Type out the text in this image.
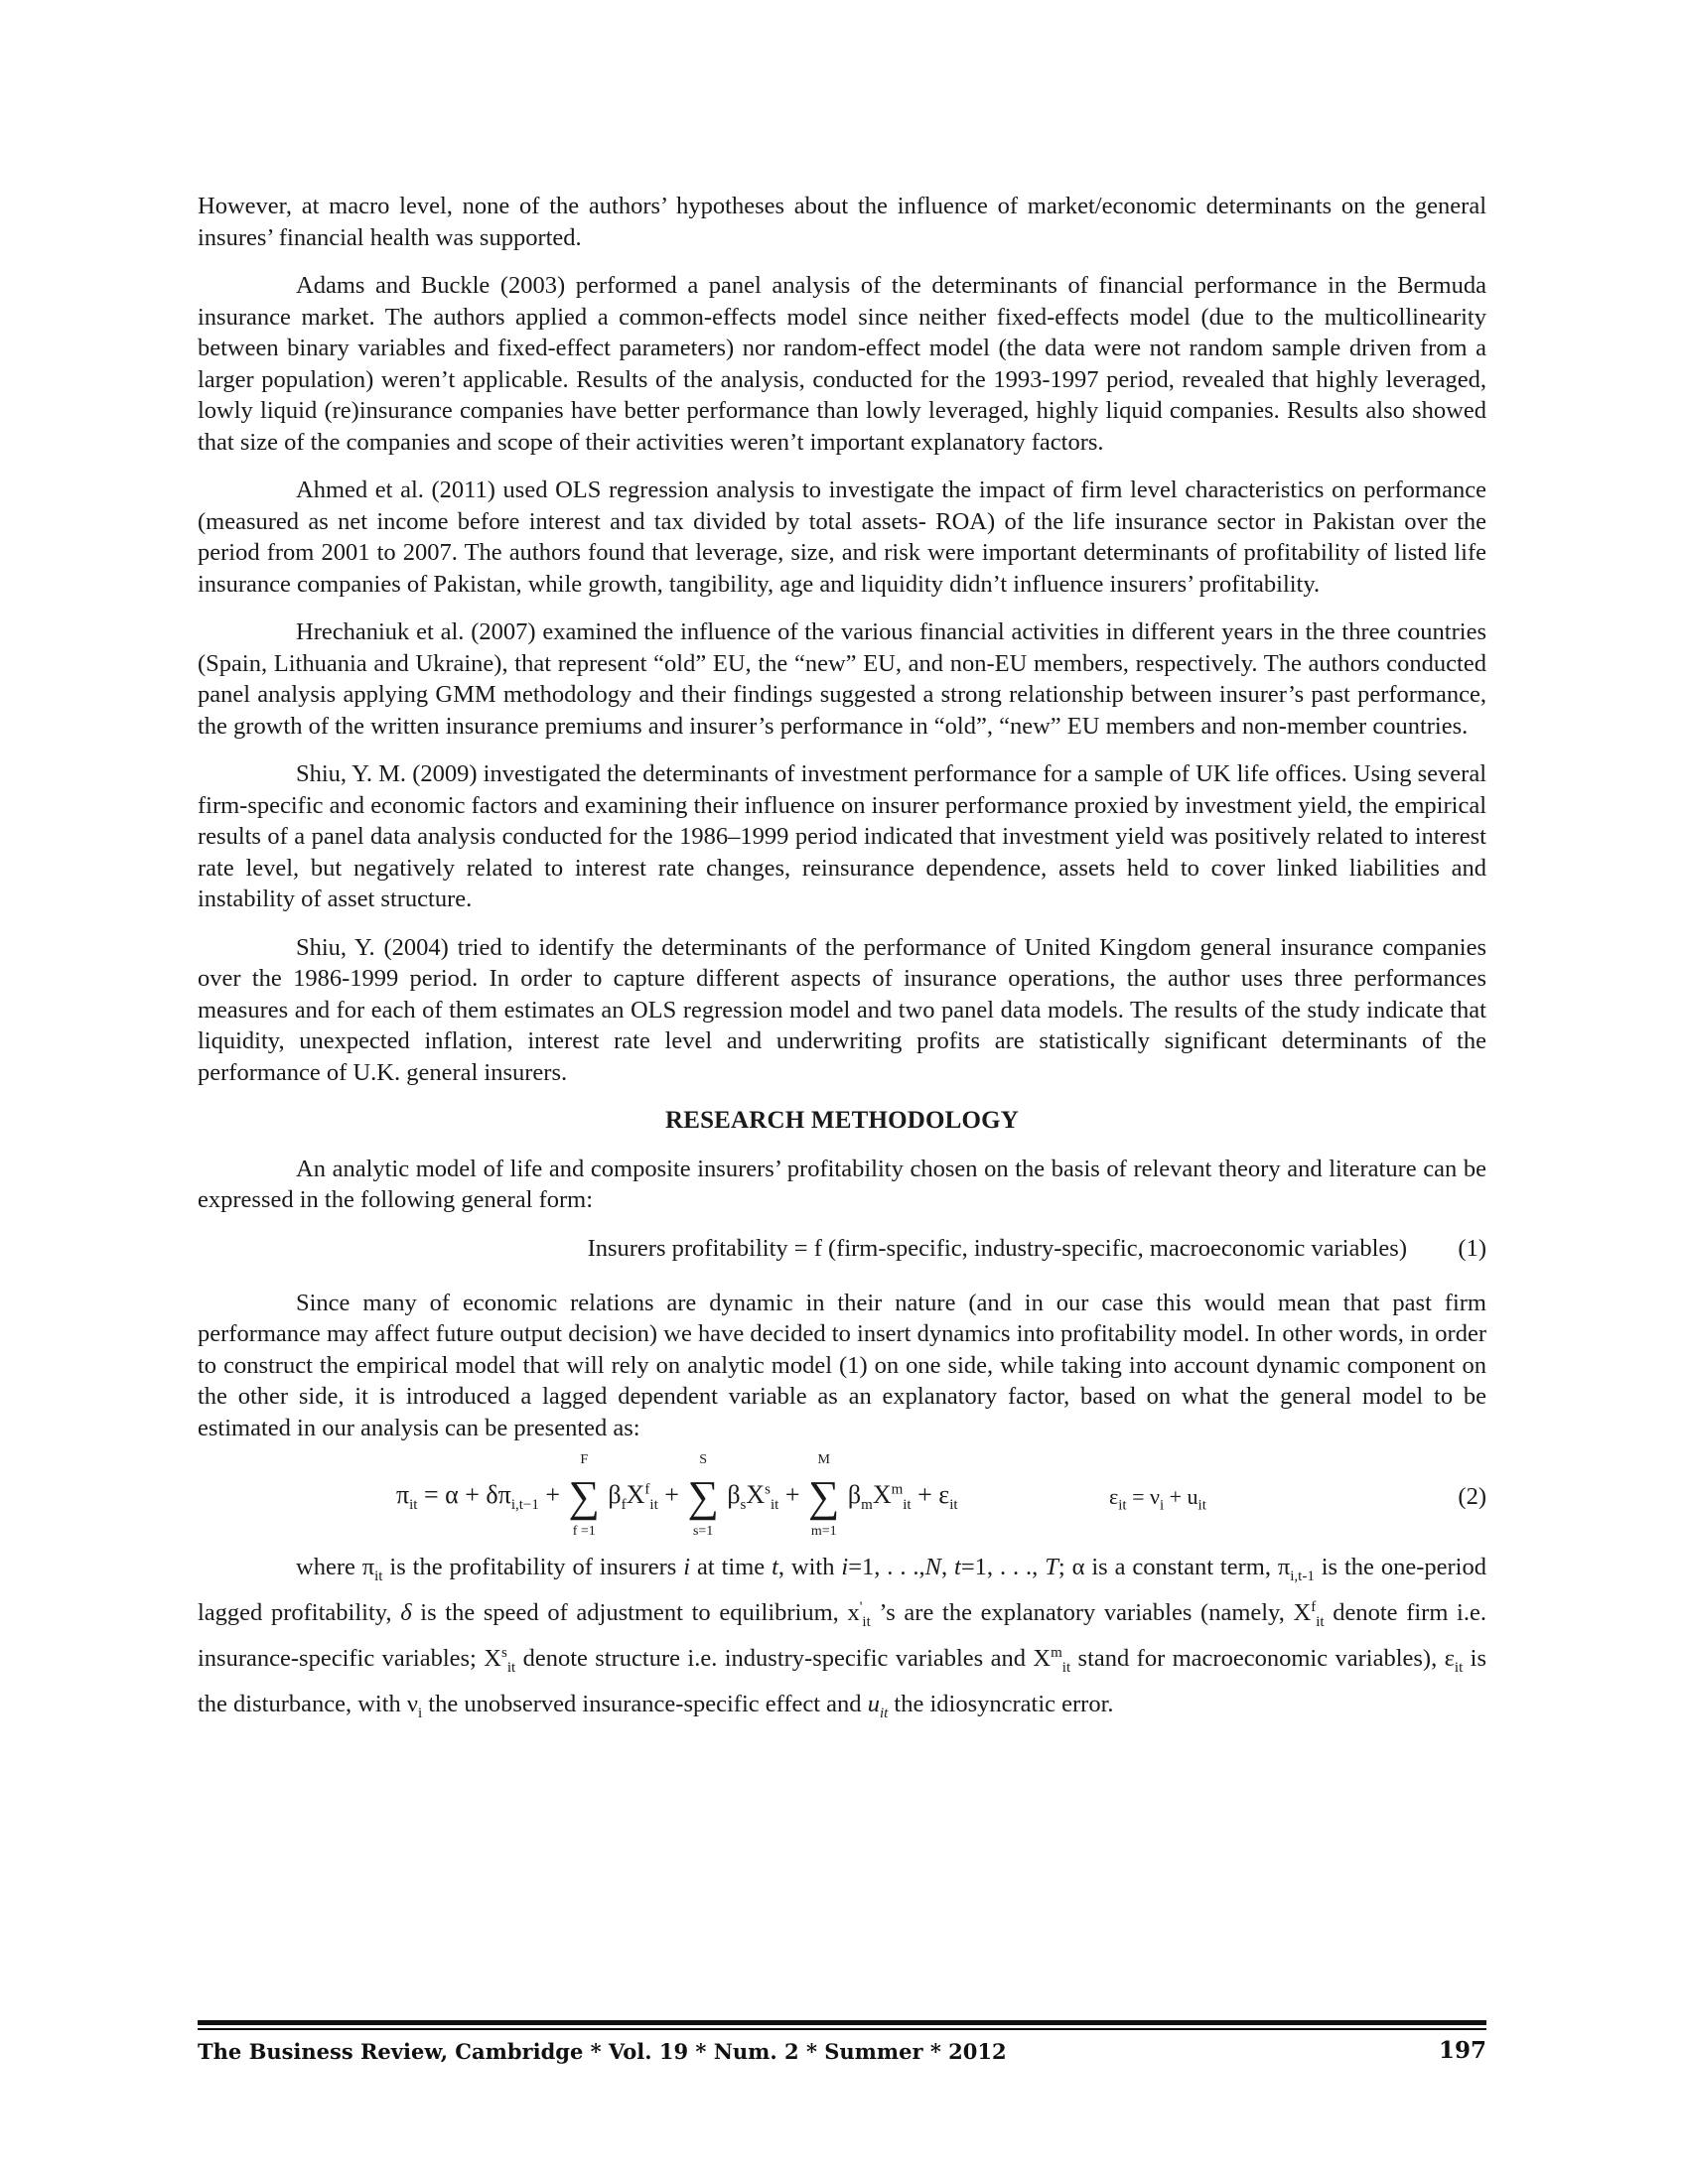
However, at macro level, none of the authors’ hypotheses about the influence of market/economic determinants on the general insures’ financial health was supported.

Adams and Buckle (2003) performed a panel analysis of the determinants of financial performance in the Bermuda insurance market. The authors applied a common-effects model since neither fixed-effects model (due to the multicollinearity between binary variables and fixed-effect parameters) nor random-effect model (the data were not random sample driven from a larger population) weren’t applicable. Results of the analysis, conducted for the 1993-1997 period, revealed that highly leveraged, lowly liquid (re)insurance companies have better performance than lowly leveraged, highly liquid companies. Results also showed that size of the companies and scope of their activities weren’t important explanatory factors.

Ahmed et al. (2011) used OLS regression analysis to investigate the impact of firm level characteristics on performance (measured as net income before interest and tax divided by total assets- ROA) of the life insurance sector in Pakistan over the period from 2001 to 2007. The authors found that leverage, size, and risk were important determinants of profitability of listed life insurance companies of Pakistan, while growth, tangibility, age and liquidity didn’t influence insurers’ profitability.

Hrechaniuk et al. (2007) examined the influence of the various financial activities in different years in the three countries (Spain, Lithuania and Ukraine), that represent “old” EU, the “new” EU, and non-EU members, respectively. The authors conducted panel analysis applying GMM methodology and their findings suggested a strong relationship between insurer’s past performance, the growth of the written insurance premiums and insurer’s performance in “old”, “new” EU members and non-member countries.

Shiu, Y. M. (2009) investigated the determinants of investment performance for a sample of UK life offices. Using several firm-specific and economic factors and examining their influence on insurer performance proxied by investment yield, the empirical results of a panel data analysis conducted for the 1986–1999 period indicated that investment yield was positively related to interest rate level, but negatively related to interest rate changes, reinsurance dependence, assets held to cover linked liabilities and instability of asset structure.

Shiu, Y. (2004) tried to identify the determinants of the performance of United Kingdom general insurance companies over the 1986-1999 period. In order to capture different aspects of insurance operations, the author uses three performances measures and for each of them estimates an OLS regression model and two panel data models. The results of the study indicate that liquidity, unexpected inflation, interest rate level and underwriting profits are statistically significant determinants of the performance of U.K. general insurers.

RESEARCH METHODOLOGY

An analytic model of life and composite insurers’ profitability chosen on the basis of relevant theory and literature can be expressed in the following general form:

Insurers profitability = f (firm-specific, industry-specific, macroeconomic variables) (1)

Since many of economic relations are dynamic in their nature (and in our case this would mean that past firm performance may affect future output decision) we have decided to insert dynamics into profitability model. In other words, in order to construct the empirical model that will rely on analytic model (1) on one side, while taking into account dynamic component on the other side, it is introduced a lagged dependent variable as an explanatory factor, based on what the general model to be estimated in our analysis can be presented as:

$\pi_{it} = \alpha + \delta\pi_{i,t-1}$ +
F
∑
f =1
$\beta_fX^f_{it}$ +
S
∑
s=1
$\beta_sX^s_{it}$ +
M
∑
m=1
$\beta_mX^m_{it} + \varepsilon_{it}$	$\varepsilon_{it} = \nu_i + u_{it}$	(2)

where $\pi_{it}$ is the profitability of insurers i at time t, with i=1, . . .,N, t=1, . . ., T; α is a constant term, $\pi_{i,t-1}$ is the one-period lagged profitability, δ is the speed of adjustment to equilibrium, $x'_{it}$ ’s are the explanatory variables (namely, $X^f_{it}$ denote firm i.e. insurance-specific variables; $X^s_{it}$ denote structure i.e. industry-specific variables and $X^m_{it}$ stand for macroeconomic variables), $\varepsilon_{it}$ is the disturbance, with $\nu_i$ the unobserved insurance-specific effect and $u_{it}$ the idiosyncratic error.

The Business Review, Cambridge * Vol. 19 * Num. 2 * Summer * 2012	197
